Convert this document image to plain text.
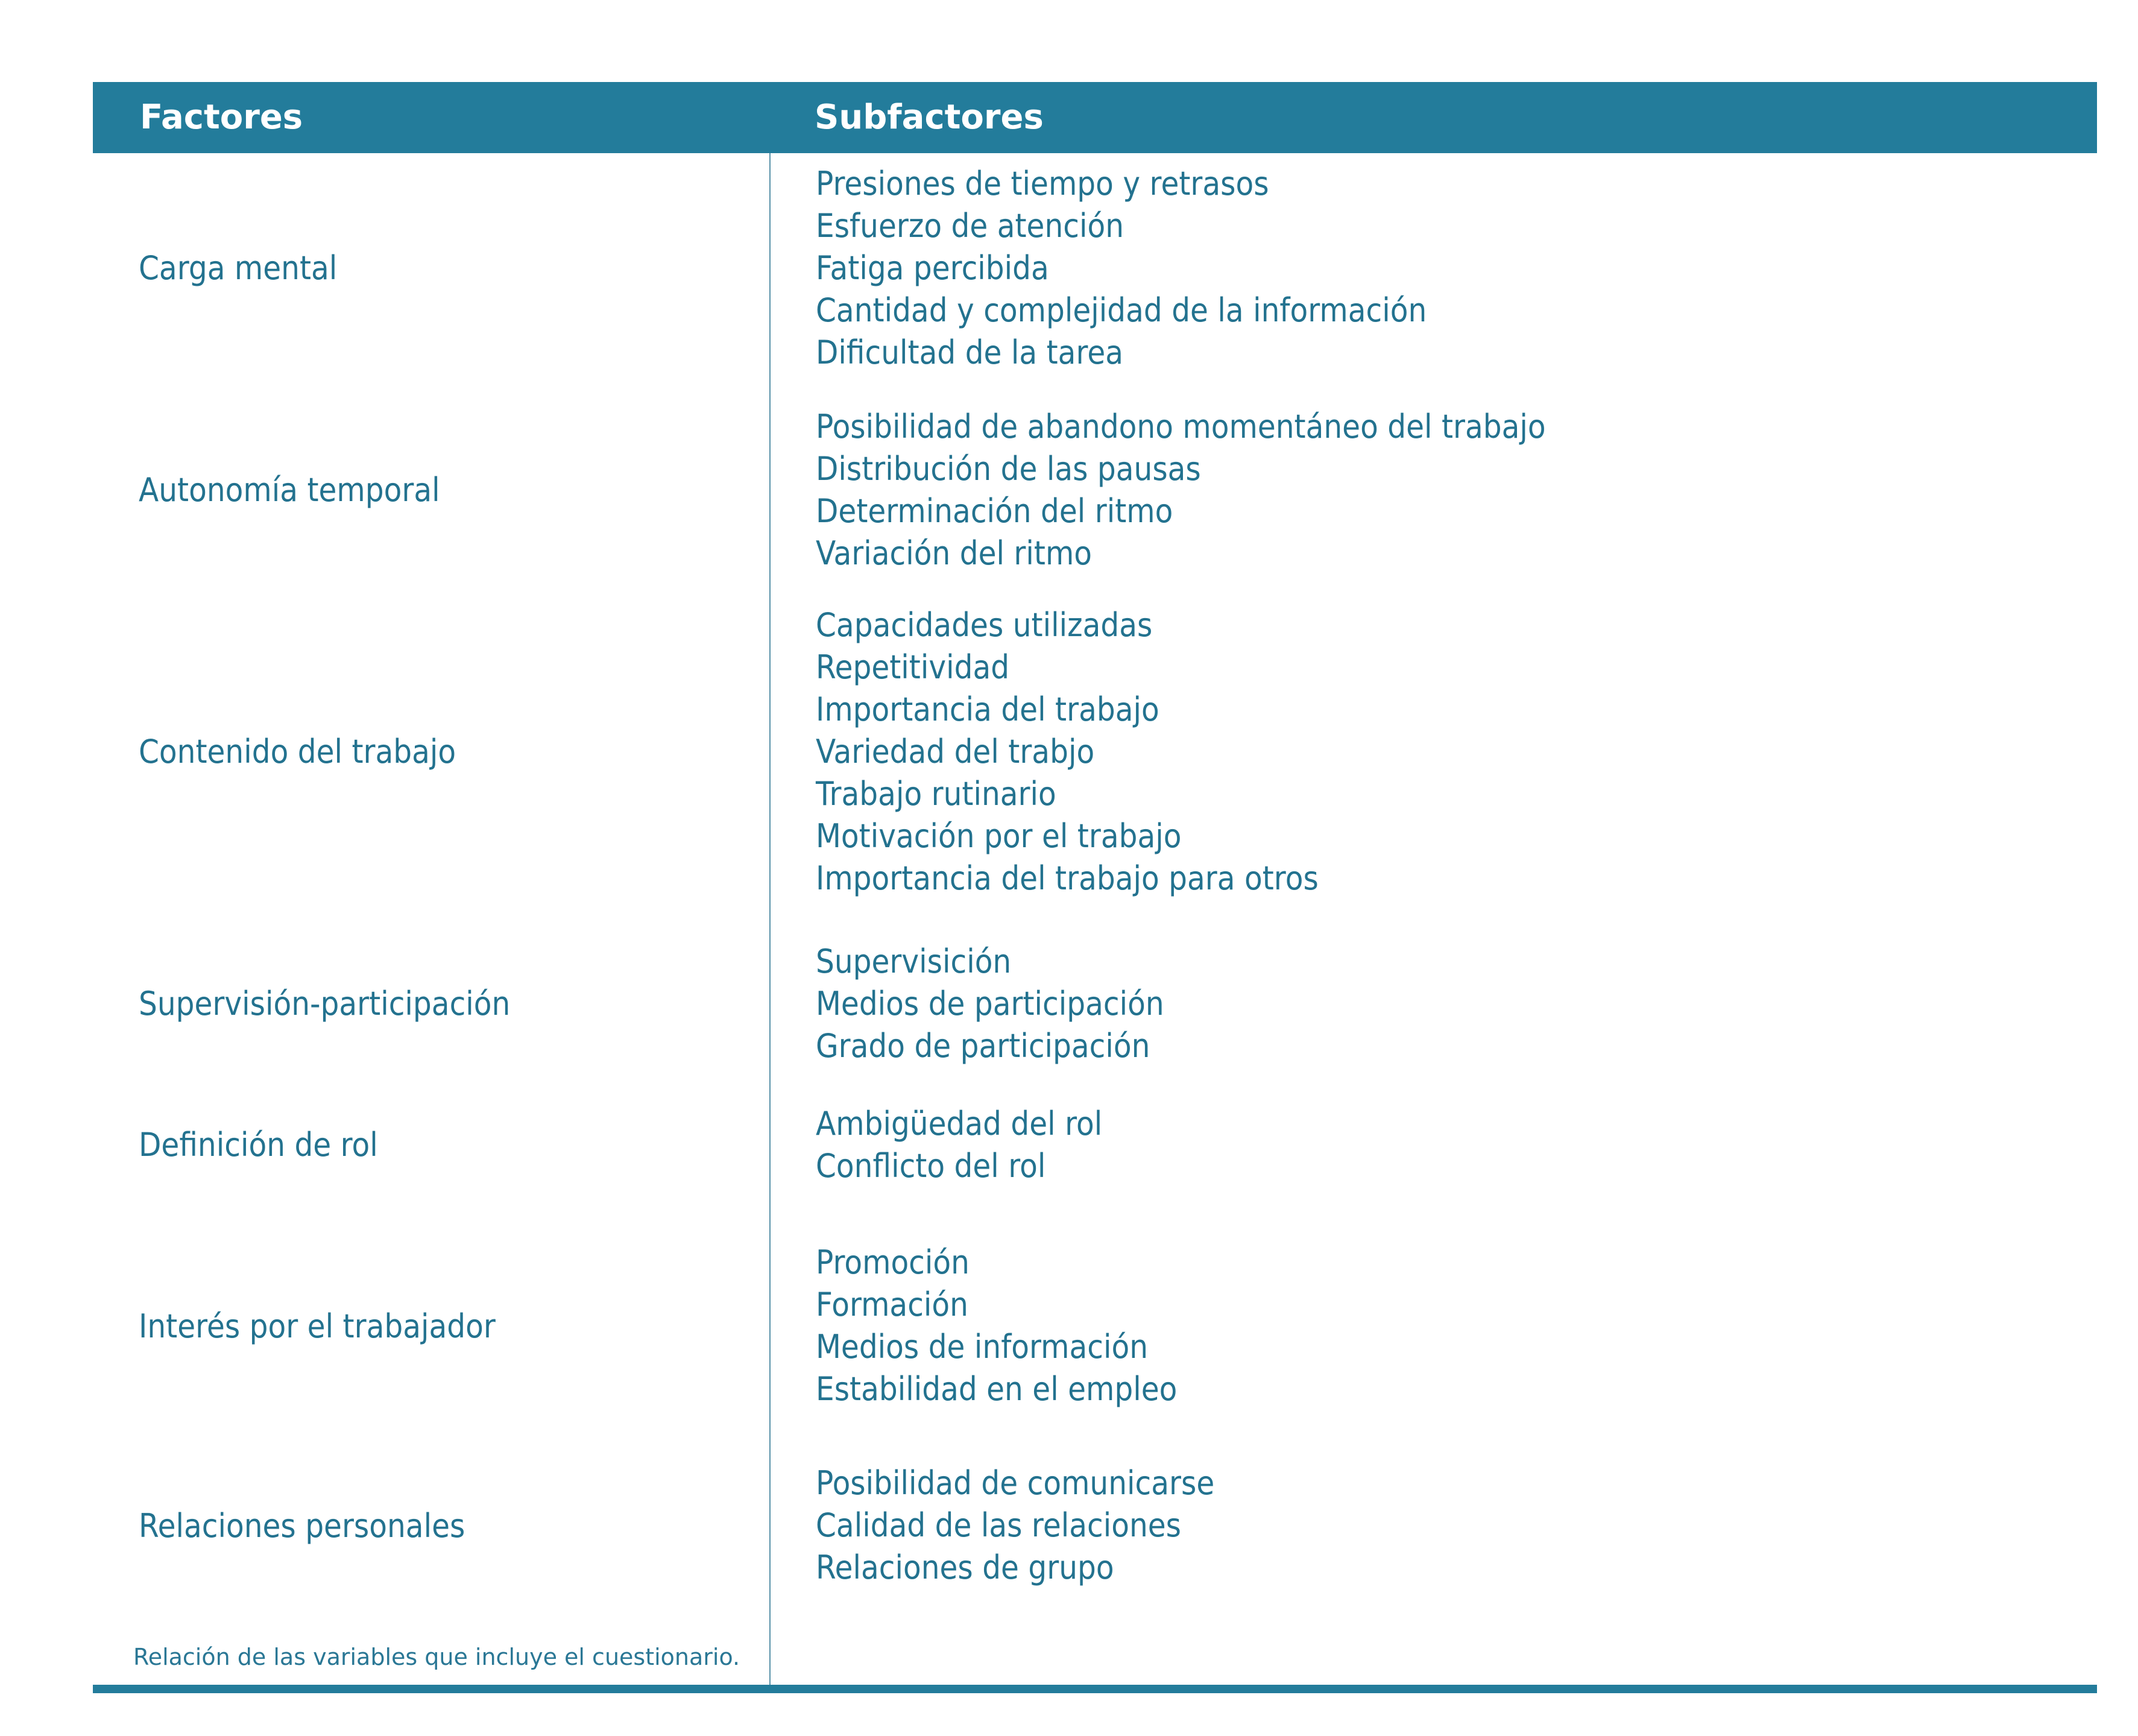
Factores	Subfactores
Carga mental
Presiones de tiempo y retrasos
Esfuerzo de atención
Fatiga percibida
Cantidad y complejidad de la información
Dificultad de la tarea
Autonomía temporal
Posibilidad de abandono momentáneo del trabajo
Distribución de las pausas
Determinación del ritmo
Variación del ritmo
Contenido del trabajo
Capacidades utilizadas
Repetitividad
Importancia del trabajo
Variedad del trabjo
Trabajo rutinario
Motivación por el trabajo
Importancia del trabajo para otros
Supervisión-participación
Supervisición
Medios de participación
Grado de participación
Definición de rol
Ambigüedad del rol
Conflicto del rol
Interés por el trabajador
Promoción
Formación
Medios de información
Estabilidad en el empleo
Relaciones personales
Posibilidad de comunicarse
Calidad de las relaciones
Relaciones de grupo
Relación de las variables que incluye el cuestionario.
